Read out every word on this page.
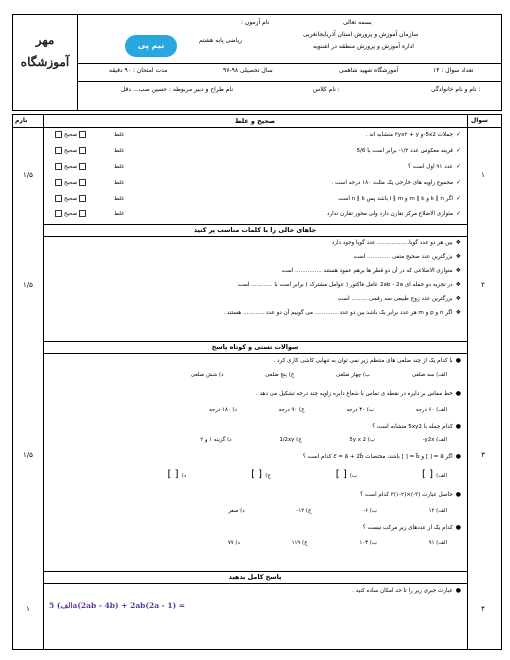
مهر
آموزشگاه
نیم پی
نام آزمون :
ریاضی پایه هشتم
بسمه تعالی
سازمان آموزش و پرورش استان آذربایجانغربی
اداره آموزش و پرورش منطقه در اشنویه
تعداد سوال : ۱۴
آموزشگاه شهید شاهمی
سال تحصیلی ۹۸-۹۷
مدت امتحان : ۹۰ دقیقه
نام و نام خانوادگی :
نام کلاس :
نام طراح و دبیر مربوطه : حسین صب... دقل
بارم	سوال
صحیح و غلط
۱
۱/۵
✓جملات 5x2-و ۳yx۲ + y متشابه اند .
✓قرینه معکوس عدد ۱/۲- برابر است با 5/6
✓عدد ۹۱ اول است ؟
✓مجموع زاویه های خارجی یک مثلث ۱۸۰ درجه است .
✓اگر k ∥ n و m ∥ k و l ∥ m باشد پس n ∥ k است
✓متوازی الاضلاع مرکز تقارن دارد ولی محور تقارن ندارد
غلطصحیح
غلطصحیح
غلطصحیح
غلطصحیح
غلطصحیح
غلطصحیح
جاهای خالی را با کلمات مناسب پر کنید
۲
۱/۵
❖بین هر دو عدد گویا.................. عدد گویا وجود دارد
❖بزرگترین عدد صحیح منفی ............. است
❖متوازی الاضلاعی که در آن دو قطر ها برهم عمود هستند ............... است
❖در تجزیه دو جمله ای 2ab - 2a عامل فاکتور ( عوامل مشترک ) برابر است با ............ است
❖بزرگترین عدد زوج طبیعی سه رقمی ......... است
❖اگر n و p و m هر عدد برابر یک باشد بین دو عدد ............. می گوییم آن دو عدد ............ هستند .
سوالات تستی و کوتاه پاسخ
۳
۱/۵
●با کدام یک از چند ضلعی های منتظم زیر نمی توان به تنهایی کاشی کاری کرد .
الف) سه ضلعی ب) چهار ضلعی ج) پنج ضلعی د) شش ضلعی
●خط مماس بر دایره در نقطه ی تماس با شعاع دایره زاویه چند درجه تشکیل می دهد .
الف) ۶۰ درجه ب) ۳۰ درجه ج) ۹۰ درجه د) ۱۸۰ درجه
●کدام جمله با 5xy2 متشابه است ؟
الف) y2x- ب) 5y x 2 ج) 1/2xy د) گزینه ۱ و ۲
●اگر a⃗ = [ ] و b⃗ = [ ] باشد، مختصات c⃗ = a⃗ + 2b⃗ کدام است ؟
الف) [ ]  ب) [ ]  ج) [ ]  د) [ ]
●حاصل عبارت (۳-)×(۲-۱)۳ کدام است ؟
الف) ۱۲ ب) ۶- ج) ۱۲- د) صفر
●کدام یک از عددهای زیر مرکب نیست ؟
الف) ۹۱ ب) ۱۰۳ ج) ۱۱۹ د) ۷۷
پاسخ کامل بدهید
۴
۱
●عبارت جبری زیر را تا حد امکان ساده کنید .
الف) 5a(2ab - 4b) + 2ab(2a - 1) =
